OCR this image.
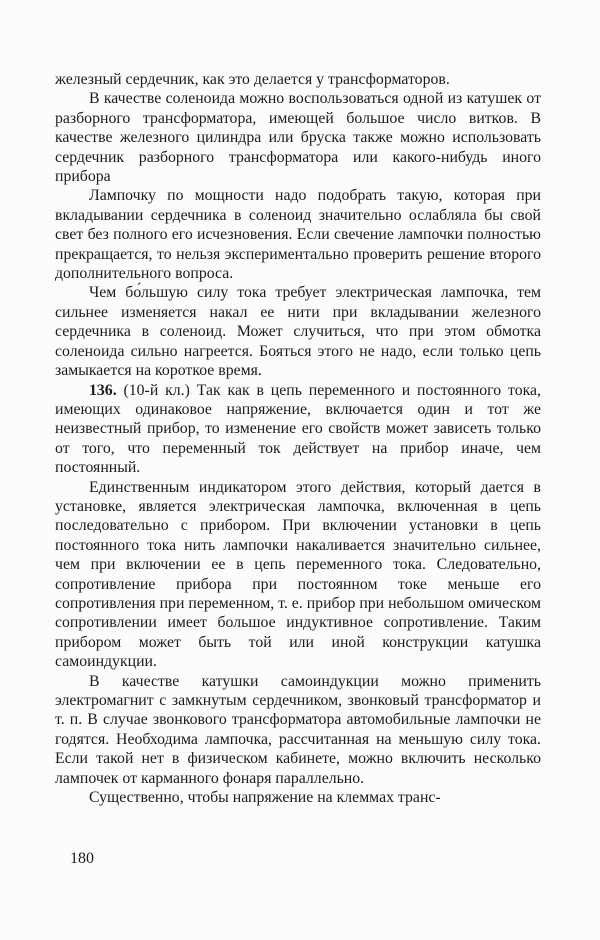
железный сердечник, как это делается у трансформаторов.

В качестве соленоида можно воспользоваться одной из катушек от разборного трансформатора, имеющей большое число витков. В качестве железного цилиндра или бруска также можно использовать сердечник разборного трансформатора или какого-нибудь иного прибора

Лампочку по мощности надо подобрать такую, которая при вкладывании сердечника в соленоид значительно ослабляла бы свой свет без полного его исчезновения. Если свечение лампочки полностью прекращается, то нельзя экспериментально проверить решение второго дополнительного вопроса.

Чем бо́льшую силу тока требует электрическая лампочка, тем сильнее изменяется накал ее нити при вкладывании железного сердечника в соленоид. Может случиться, что при этом обмотка соленоида сильно нагреется. Бояться этого не надо, если только цепь замыкается на короткое время.

136. (10-й кл.) Так как в цепь переменного и постоянного тока, имеющих одинаковое напряжение, включается один и тот же неизвестный прибор, то изменение его свойств может зависеть только от того, что переменный ток действует на прибор иначе, чем постоянный.

Единственным индикатором этого действия, который дается в установке, является электрическая лампочка, включенная в цепь последовательно с прибором. При включении установки в цепь постоянного тока нить лампочки накаливается значительно сильнее, чем при включении ее в цепь переменного тока. Следовательно, сопротивление прибора при постоянном токе меньше его сопротивления при переменном, т. е. прибор при небольшом омическом сопротивлении имеет большое индуктивное сопротивление. Таким прибором может быть той или иной конструкции катушка самоиндукции.

В качестве катушки самоиндукции можно применить электромагнит с замкнутым сердечником, звонковый трансформатор и т. п. В случае звонкового трансформатора автомобильные лампочки не годятся. Необходима лампочка, рассчитанная на меньшую силу тока. Если такой нет в физическом кабинете, можно включить несколько лампочек от карманного фонаря параллельно.

Существенно, чтобы напряжение на клеммах транс-

180
